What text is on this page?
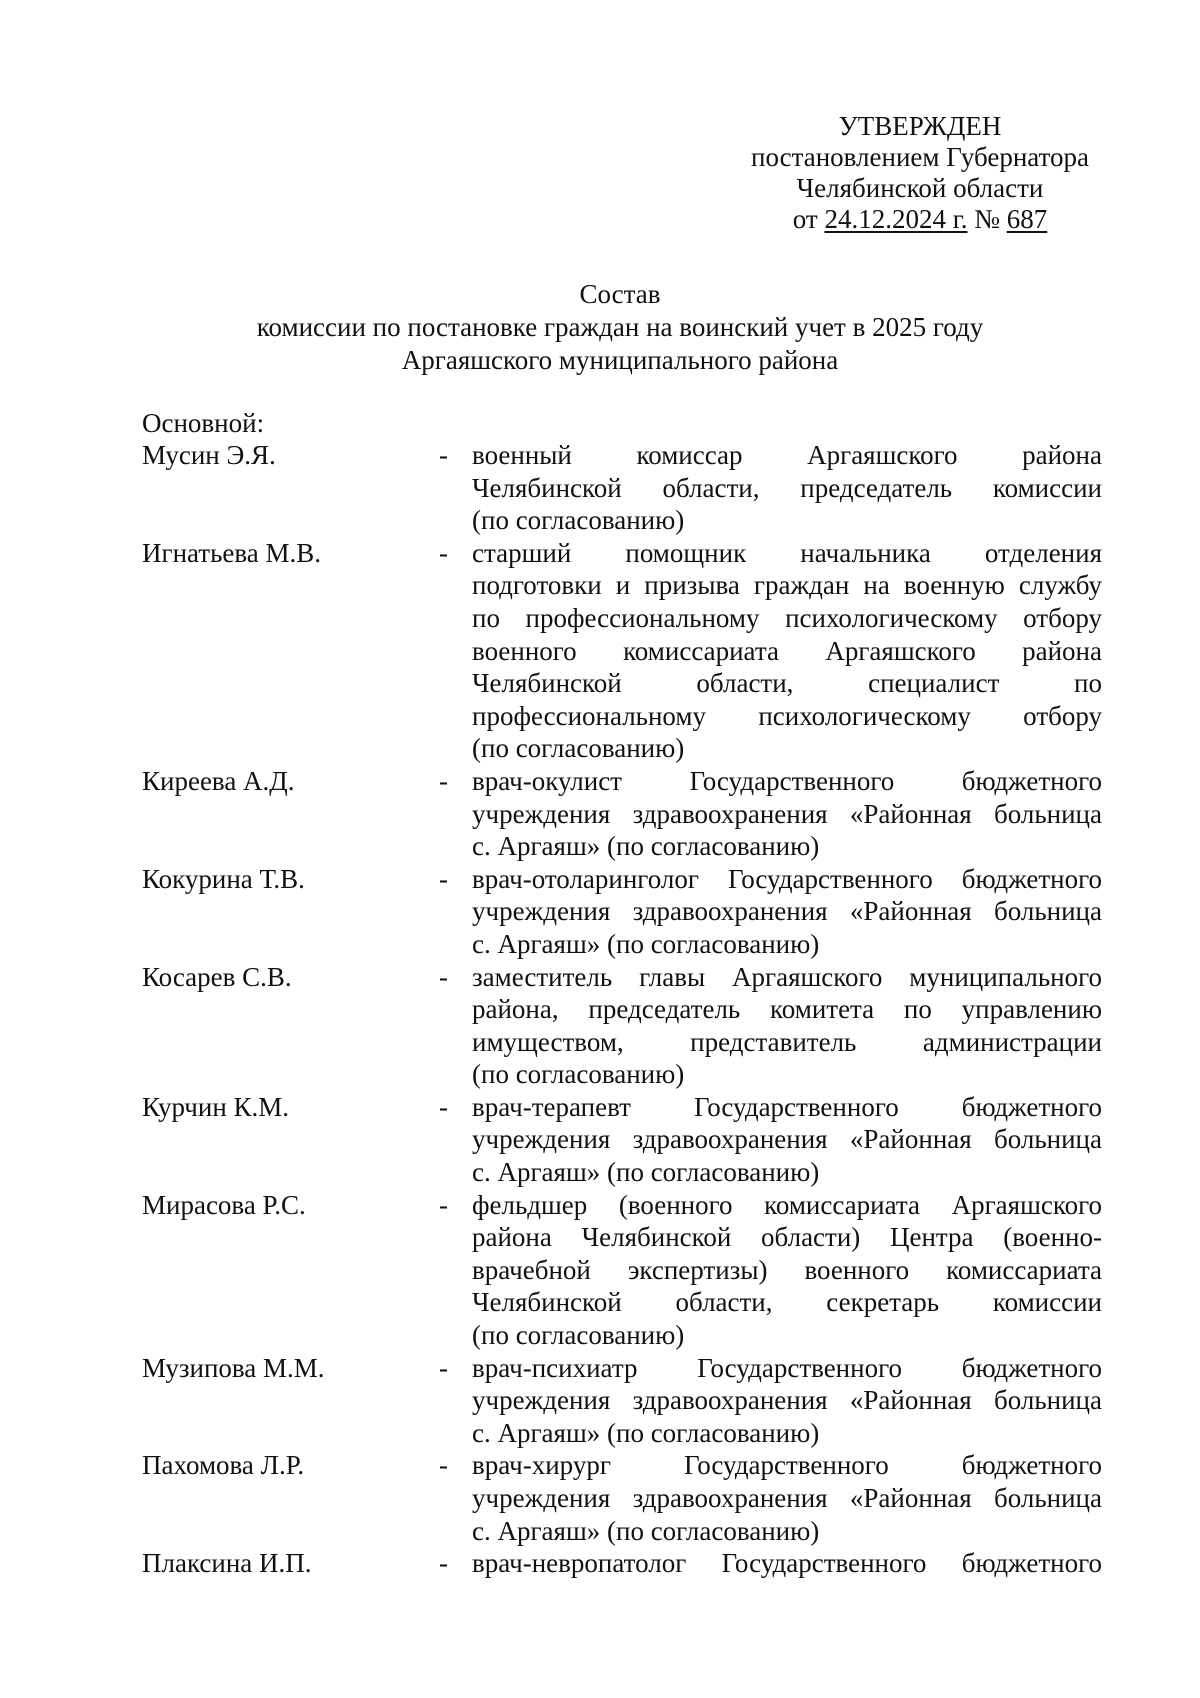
УТВЕРЖДЕН
постановлением Губернатора
Челябинской области
от 24.12.2024 г. № 687
Состав
комиссии по постановке граждан на воинский учет в 2025 году
Аргаяшского муниципального района
Основной:
Мусин Э.Я.	- военный комиссар Аргаяшского района
Челябинской области, председатель комиссии
(по согласованию)
Игнатьева М.В.	- старший помощник начальника отделения
подготовки и призыва граждан на военную службу
по профессиональному психологическому отбору
военного комиссариата Аргаяшского района
Челябинской области, специалист по
профессиональному психологическому отбору
(по согласованию)
Киреева А.Д.	- врач-окулист Государственного бюджетного
учреждения здравоохранения «Районная больница
с. Аргаяш» (по согласованию)
Кокурина Т.В.	- врач-отоларинголог Государственного бюджетного
учреждения здравоохранения «Районная больница
с. Аргаяш» (по согласованию)
Косарев С.В.	- заместитель главы Аргаяшского муниципального
района, председатель комитета по управлению
имуществом, представитель администрации
(по согласованию)
Курчин К.М.	- врач-терапевт Государственного бюджетного
учреждения здравоохранения «Районная больница
с. Аргаяш» (по согласованию)
Мирасова Р.С.	- фельдшер (военного комиссариата Аргаяшского
района Челябинской области) Центра (военно-
врачебной экспертизы) военного комиссариата
Челябинской области, секретарь комиссии
(по согласованию)
Музипова М.М.	- врач-психиатр Государственного бюджетного
учреждения здравоохранения «Районная больница
с. Аргаяш» (по согласованию)
Пахомова Л.Р.	- врач-хирург Государственного бюджетного
учреждения здравоохранения «Районная больница
с. Аргаяш» (по согласованию)
Плаксина И.П.	- врач-невропатолог Государственного бюджетного
